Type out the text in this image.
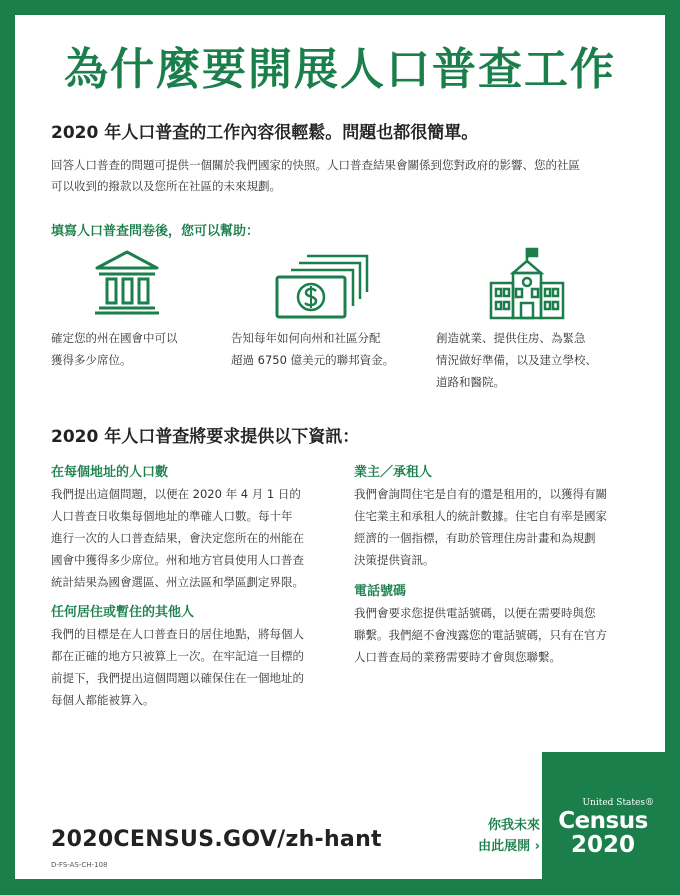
為什麼要開展人口普查工作
2020 年人口普查的工作內容很輕鬆。問題也都很簡單。

回答人口普查的問題可提供一個關於我們國家的快照。人口普查結果會關係到您對政府的影響、您的社區
可以收到的撥款以及您所在社區的未來規劃。

填寫人口普查問卷後，您可以幫助：

確定您的州在國會中可以
獲得多少席位。

告知每年如何向州和社區分配
超過 6750 億美元的聯邦資金。

創造就業、提供住房、為緊急
情況做好準備，以及建立學校、
道路和醫院。

2020 年人口普查將要求提供以下資訊：
在每個地址的人口數

我們提出這個問題，以便在 2020 年 4 月 1 日的
人口普查日收集每個地址的準確人口數。每十年
進行一次的人口普查結果，會決定您所在的州能在
國會中獲得多少席位。州和地方官員使用人口普查
統計結果為國會選區、州立法區和學區劃定界限。

任何居住或暫住的其他人

我們的目標是在人口普查日的居住地點，將每個人
都在正確的地方只被算上一次。在牢記這一目標的
前提下，我們提出這個問題以確保住在一個地址的
每個人都能被算入。

業主／承租人

我們會詢問住宅是自有的還是租用的，以獲得有關
住宅業主和承租人的統計數據。住宅自有率是國家
經濟的一個指標，有助於管理住房計畫和為規劃
決策提供資訊。

電話號碼

我們會要求您提供電話號碼，以便在需要時與您
聯繫。我們絕不會洩露您的電話號碼，只有在官方
人口普查局的業務需要時才會與您聯繫。

2020CENSUS.GOV/zh-hant
D-FS-AS-CH-108
你我未來
由此展開 ›
United States®
Census
2020
